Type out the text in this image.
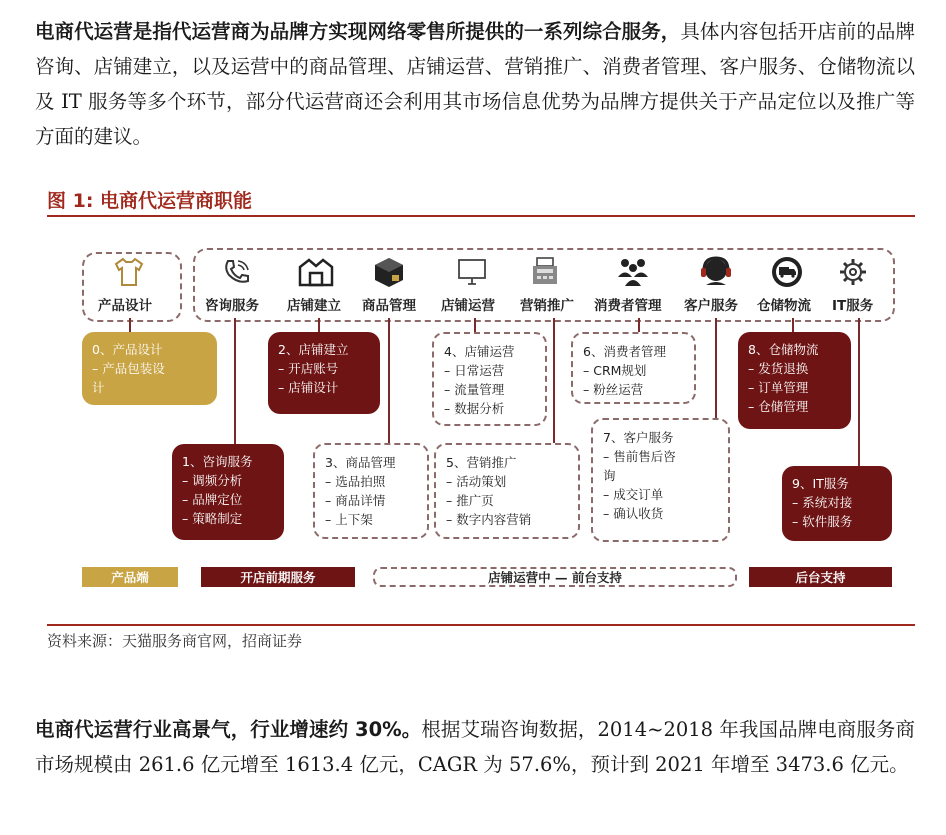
电商代运营是指代运营商为品牌方实现网络零售所提供的一系列综合服务，具体内容包括开店前的品牌咨询、店铺建立，以及运营中的商品管理、店铺运营、营销推广、消费者管理、客户服务、仓储物流以及 IT 服务等多个环节，部分代运营商还会利用其市场信息优势为品牌方提供关于产品定位以及推广等方面的建议。
图 1: 电商代运营商职能
产品设计	咨询服务 店铺建立 商品管理 店铺运营 营销推广 消费者管理 客户服务 仓储物流 IT服务
0、产品设计
– 产品包装设
计
2、店铺建立
– 开店账号
– 店铺设计
4、店铺运营
– 日常运营
– 流量管理
– 数据分析
6、消费者管理
– CRM规划
– 粉丝运营
8、仓储物流
– 发货退换
– 订单管理
– 仓储管理
1、咨询服务
– 调频分析
– 品牌定位
– 策略制定
3、商品管理
– 选品拍照
– 商品详情
– 上下架
5、营销推广
– 活动策划
– 推广页
– 数字内容营销
7、客户服务
– 售前售后咨
询
– 成交订单
– 确认收货
9、IT服务
– 系统对接
– 软件服务
产品端	开店前期服务	店铺运营中 — 前台支持	后台支持
资料来源：天猫服务商官网，招商证券
电商代运营行业高景气，行业增速约 30%。根据艾瑞咨询数据，2014~2018 年我国品牌电商服务商市场规模由 261.6 亿元增至 1613.4 亿元，CAGR 为 57.6%，预计到 2021 年增至 3473.6 亿元。
